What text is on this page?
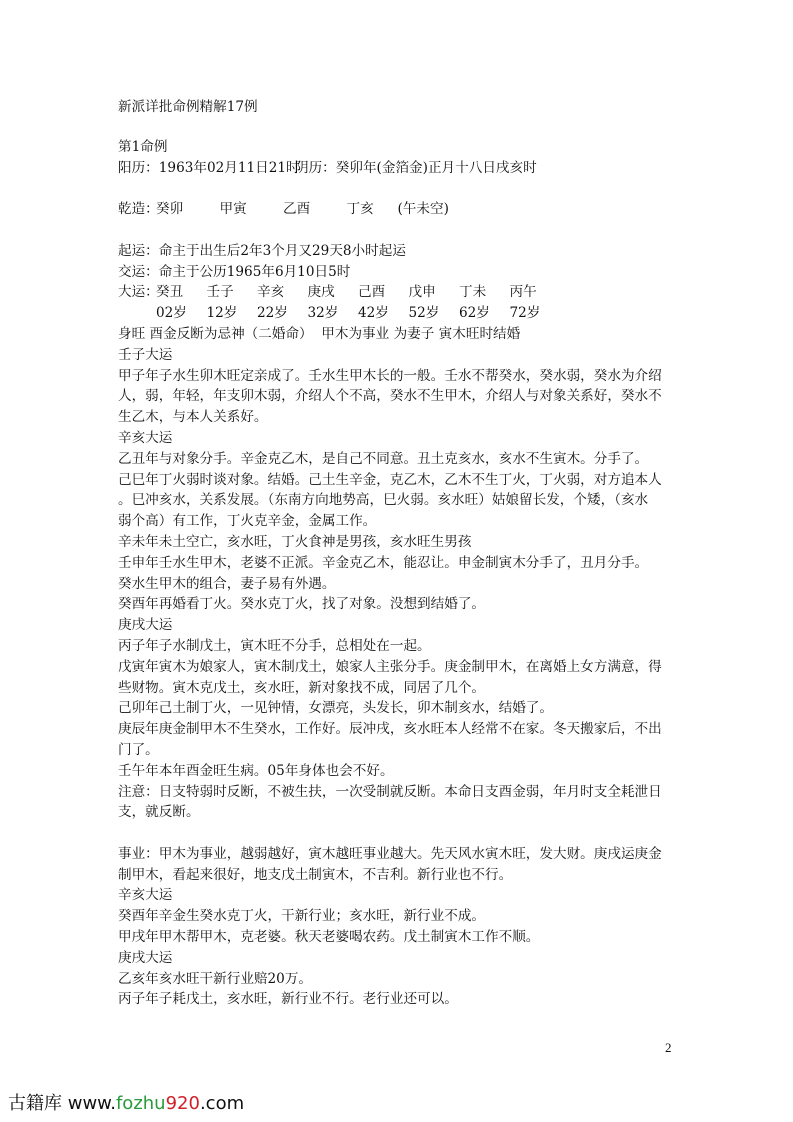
新派详批命例精解17例
第1命例
阳历：1963年02月11日21时阴历：癸卯年(金箔金)正月十八日戌亥时
乾造：癸卯	甲寅	乙酉	丁亥 (午未空)
起运：命主于出生后2年3个月又29天8小时起运
交运：命主于公历1965年6月10日5时
大运：癸丑 壬子 辛亥 庚戌 己酉 戊申 丁未 丙午
02岁 12岁 22岁 32岁 42岁 52岁 62岁 72岁
身旺 酉金反断为忌神（二婚命）  甲木为事业 为妻子 寅木旺时结婚
壬子大运
甲子年子水生卯木旺定亲成了。壬水生甲木长的一般。壬水不帮癸水，癸水弱，癸水为介绍
人，弱，年轻，年支卯木弱，介绍人个不高，癸水不生甲木，介绍人与对象关系好，癸水不
生乙木，与本人关系好。
辛亥大运
乙丑年与对象分手。辛金克乙木，是自己不同意。丑土克亥水，亥水不生寅木。分手了。
己巳年丁火弱时谈对象。结婚。己土生辛金，克乙木，乙木不生丁火，丁火弱，对方追本人
。巳冲亥水，关系发展。（东南方向地势高，巳火弱。亥水旺）姑娘留长发，个矮，（亥水
弱个高）有工作，丁火克辛金，金属工作。
辛未年未土空亡，亥水旺，丁火食神是男孩，亥水旺生男孩
壬申年壬水生甲木，老婆不正派。辛金克乙木，能忍让。申金制寅木分手了，丑月分手。
癸水生甲木的组合，妻子易有外遇。
癸酉年再婚看丁火。癸水克丁火，找了对象。没想到结婚了。
庚戌大运
丙子年子水制戊土，寅木旺不分手，总相处在一起。
戊寅年寅木为娘家人，寅木制戊土，娘家人主张分手。庚金制甲木，在离婚上女方满意，得
些财物。寅木克戊土，亥水旺，新对象找不成，同居了几个。
己卯年己土制丁火，一见钟情，女漂亮，头发长，卯木制亥水，结婚了。
庚辰年庚金制甲木不生癸水，工作好。辰冲戌，亥水旺本人经常不在家。冬天搬家后，不出
门了。
壬午年本年酉金旺生病。05年身体也会不好。
注意：日支特弱时反断，不被生扶，一次受制就反断。本命日支酉金弱，年月时支全耗泄日
支，就反断。
事业：甲木为事业，越弱越好，寅木越旺事业越大。先天风水寅木旺，发大财。庚戌运庚金
制甲木，看起来很好，地支戊土制寅木，不吉利。新行业也不行。
辛亥大运
癸酉年辛金生癸水克丁火，干新行业；亥水旺，新行业不成。
甲戌年甲木帮甲木，克老婆。秋天老婆喝农药。戊土制寅木工作不顺。
庚戌大运
乙亥年亥水旺干新行业赔20万。
丙子年子耗戊土，亥水旺，新行业不行。老行业还可以。
2
古籍库 www.fozhu920.com
